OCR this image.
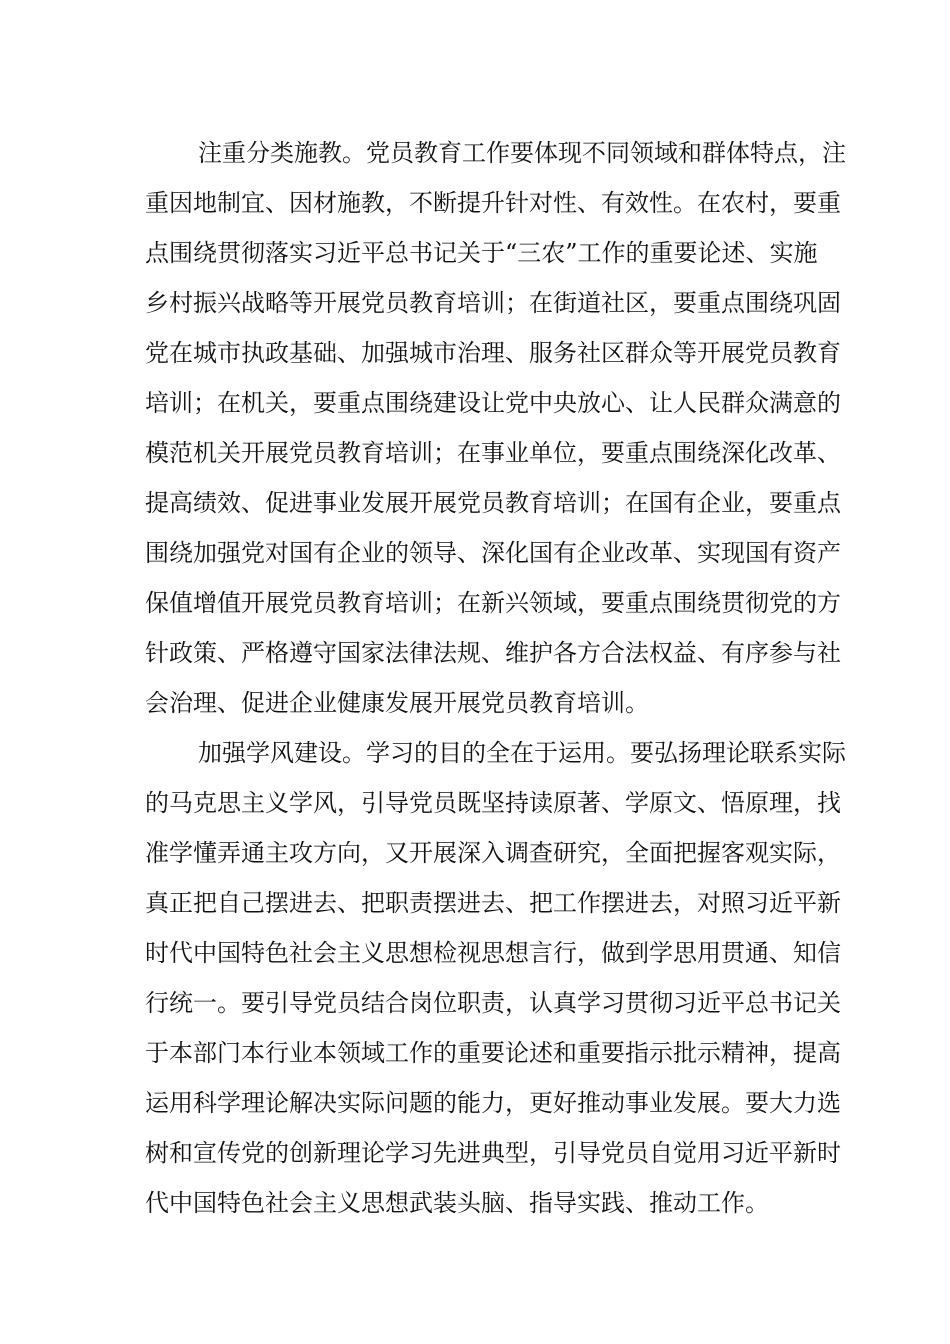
注重分类施教。党员教育工作要体现不同领域和群体特点，注
重因地制宜、因材施教，不断提升针对性、有效性。在农村，要重
点围绕贯彻落实习近平总书记关于“三农”工作的重要论述、实施
乡村振兴战略等开展党员教育培训；在街道社区，要重点围绕巩固
党在城市执政基础、加强城市治理、服务社区群众等开展党员教育
培训；在机关，要重点围绕建设让党中央放心、让人民群众满意的
模范机关开展党员教育培训；在事业单位，要重点围绕深化改革、
提高绩效、促进事业发展开展党员教育培训；在国有企业，要重点
围绕加强党对国有企业的领导、深化国有企业改革、实现国有资产
保值增值开展党员教育培训；在新兴领域，要重点围绕贯彻党的方
针政策、严格遵守国家法律法规、维护各方合法权益、有序参与社
会治理、促进企业健康发展开展党员教育培训。
加强学风建设。学习的目的全在于运用。要弘扬理论联系实际
的马克思主义学风，引导党员既坚持读原著、学原文、悟原理，找
准学懂弄通主攻方向，又开展深入调查研究，全面把握客观实际，
真正把自己摆进去、把职责摆进去、把工作摆进去，对照习近平新
时代中国特色社会主义思想检视思想言行，做到学思用贯通、知信
行统一。要引导党员结合岗位职责，认真学习贯彻习近平总书记关
于本部门本行业本领域工作的重要论述和重要指示批示精神，提高
运用科学理论解决实际问题的能力，更好推动事业发展。要大力选
树和宣传党的创新理论学习先进典型，引导党员自觉用习近平新时
代中国特色社会主义思想武装头脑、指导实践、推动工作。
